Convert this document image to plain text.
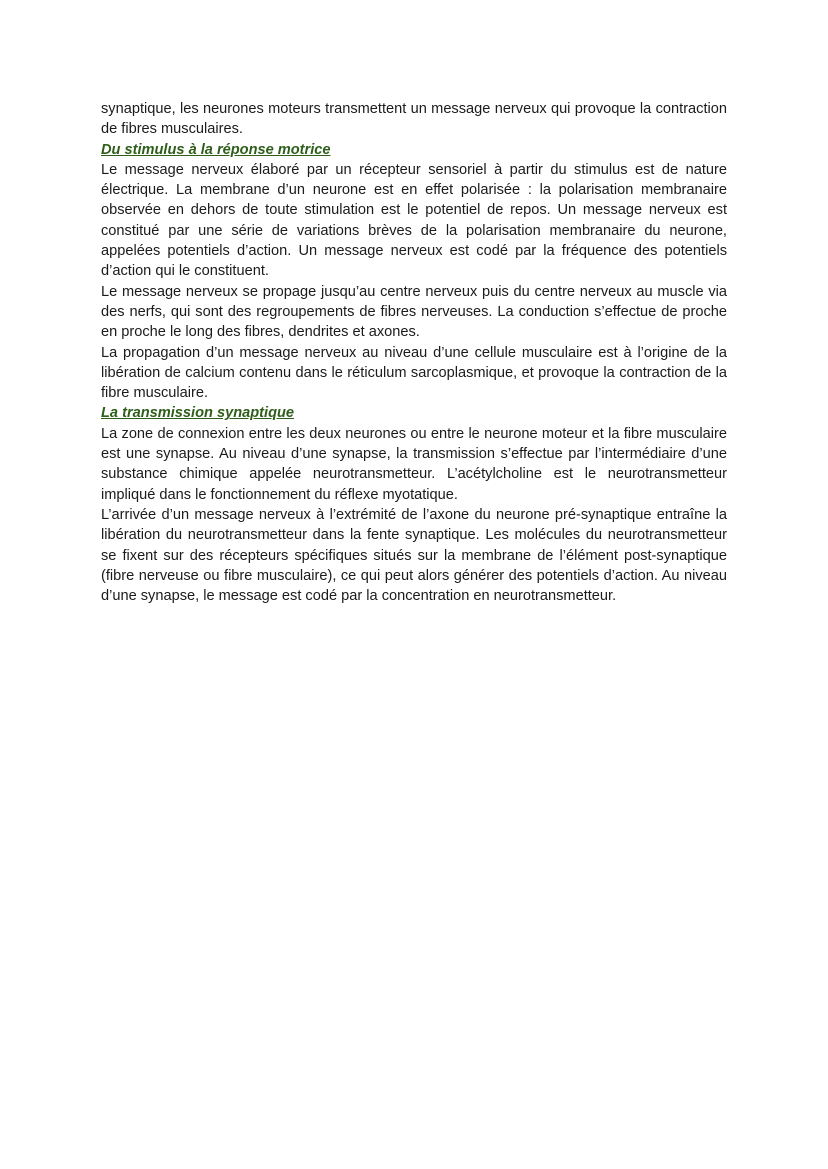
synaptique, les neurones moteurs transmettent un message nerveux qui provoque la contraction de fibres musculaires.

Du stimulus à la réponse motrice

Le message nerveux élaboré par un récepteur sensoriel à partir du stimulus est de nature électrique. La membrane d’un neurone est en effet polarisée : la polarisation membranaire observée en dehors de toute stimulation est le potentiel de repos. Un message nerveux est constitué par une série de variations brèves de la polarisation membranaire du neurone, appelées potentiels d’action. Un message nerveux est codé par la fréquence des potentiels d’action qui le constituent.

Le message nerveux se propage jusqu’au centre nerveux puis du centre nerveux au muscle via des nerfs, qui sont des regroupements de fibres nerveuses. La conduction s’effectue de proche en proche le long des fibres, dendrites et axones.

La propagation d’un message nerveux au niveau d’une cellule musculaire est à l’origine de la libération de calcium contenu dans le réticulum sarcoplasmique, et provoque la contraction de la fibre musculaire.

La transmission synaptique

La zone de connexion entre les deux neurones ou entre le neurone moteur et la fibre musculaire est une synapse. Au niveau d’une synapse, la transmission s’effectue par l’intermédiaire d’une substance chimique appelée neurotransmetteur. L’acétylcholine est le neurotransmetteur impliqué dans le fonctionnement du réflexe myotatique.

L’arrivée d’un message nerveux à l’extrémité de l’axone du neurone pré-synaptique entraîne la libération du neurotransmetteur dans la fente synaptique. Les molécules du neurotransmetteur se fixent sur des récepteurs spécifiques situés sur la membrane de l’élément post-synaptique (fibre nerveuse ou fibre musculaire), ce qui peut alors générer des potentiels d’action. Au niveau d’une synapse, le message est codé par la concentration en neurotransmetteur.
